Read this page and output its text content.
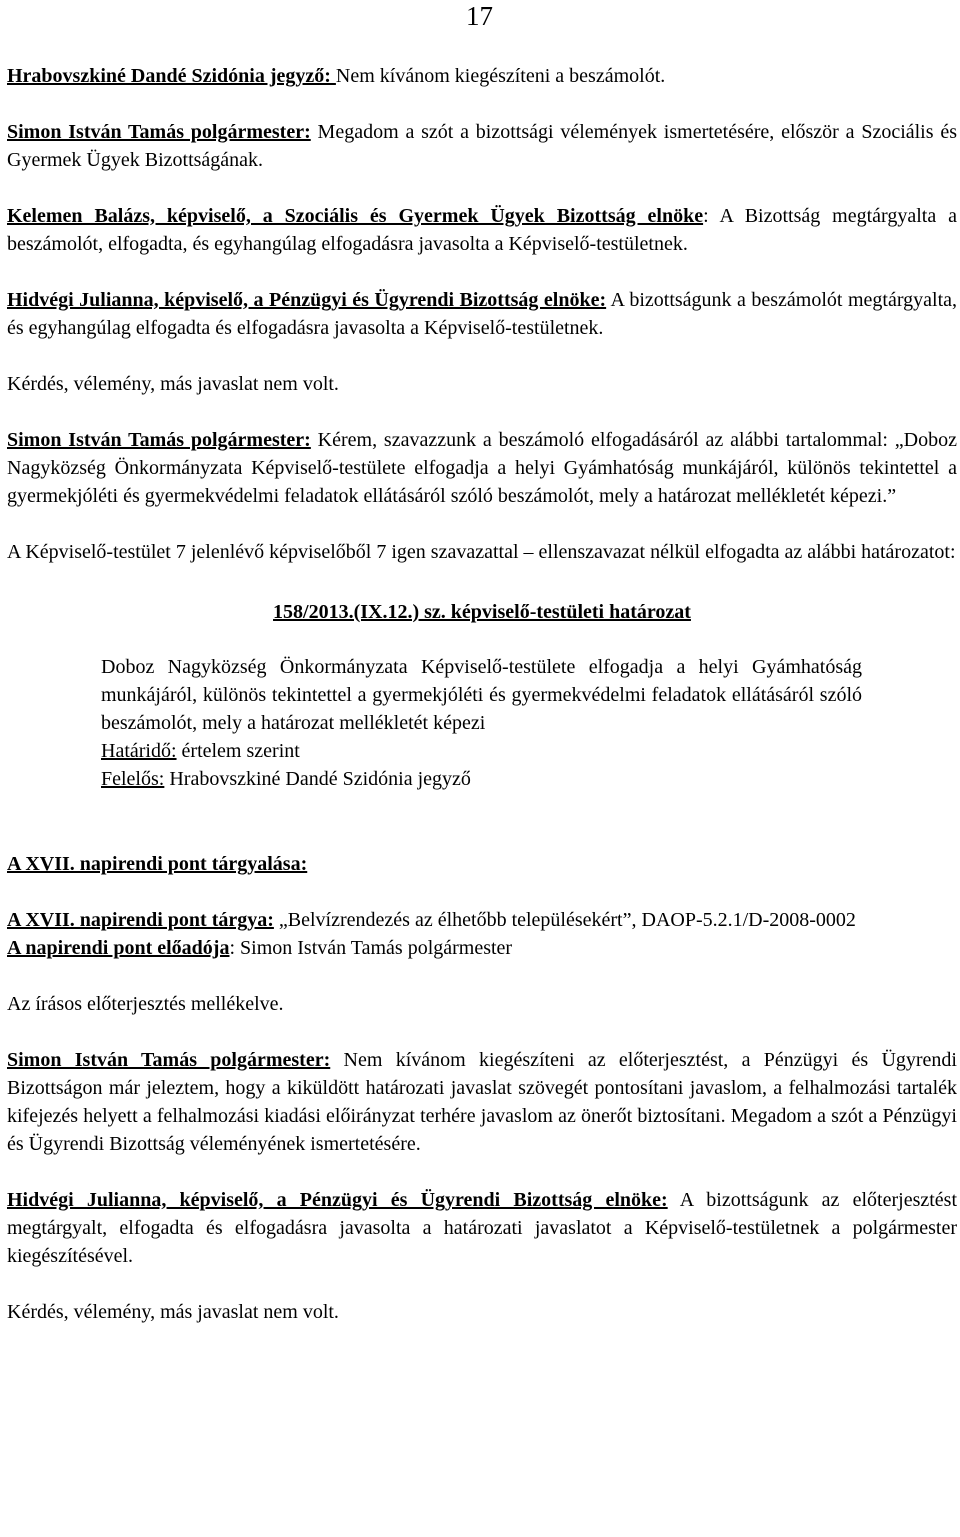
17

Hrabovszkiné Dandé Szidónia jegyző: Nem kívánom kiegészíteni a beszámolót.

Simon István Tamás polgármester: Megadom a szót a bizottsági vélemények ismertetésére, először a Szociális és Gyermek Ügyek Bizottságának.

Kelemen Balázs, képviselő, a Szociális és Gyermek Ügyek Bizottság elnöke: A Bizottság megtárgyalta a beszámolót, elfogadta, és egyhangúlag elfogadásra javasolta a Képviselő-testületnek.

Hidvégi Julianna, képviselő, a Pénzügyi és Ügyrendi Bizottság elnöke: A bizottságunk a beszámolót megtárgyalta, és egyhangúlag elfogadta és elfogadásra javasolta a Képviselő-testületnek.

Kérdés, vélemény, más javaslat nem volt.

Simon István Tamás polgármester: Kérem, szavazzunk a beszámoló elfogadásáról az alábbi tartalommal: „Doboz Nagyközség Önkormányzata Képviselő-testülete elfogadja a helyi Gyámhatóság munkájáról, különös tekintettel a gyermekjóléti és gyermekvédelmi feladatok ellátásáról szóló beszámolót, mely a határozat mellékletét képezi.”

A Képviselő-testület 7 jelenlévő képviselőből 7 igen szavazattal – ellenszavazat nélkül elfogadta az alábbi határozatot:

158/2013.(IX.12.) sz. képviselő-testületi határozat

Doboz Nagyközség Önkormányzata Képviselő-testülete elfogadja a helyi Gyámhatóság munkájáról, különös tekintettel a gyermekjóléti és gyermekvédelmi feladatok ellátásáról szóló beszámolót, mely a határozat mellékletét képezi

Határidő: értelem szerint

Felelős: Hrabovszkiné Dandé Szidónia jegyző

A XVII. napirendi pont tárgyalása:

A XVII. napirendi pont tárgya: „Belvízrendezés az élhetőbb településekért”, DAOP-5.2.1/D-2008-0002

A napirendi pont előadója: Simon István Tamás polgármester

Az írásos előterjesztés mellékelve.

Simon István Tamás polgármester: Nem kívánom kiegészíteni az előterjesztést, a Pénzügyi és Ügyrendi Bizottságon már jeleztem, hogy a kiküldött határozati javaslat szövegét pontosítani javaslom, a felhalmozási tartalék kifejezés helyett a felhalmozási kiadási előirányzat terhére javaslom az önerőt biztosítani. Megadom a szót a Pénzügyi és Ügyrendi Bizottság véleményének ismertetésére.

Hidvégi Julianna, képviselő, a Pénzügyi és Ügyrendi Bizottság elnöke: A bizottságunk az előterjesztést megtárgyalt, elfogadta és elfogadásra javasolta a határozati javaslatot a Képviselő-testületnek a polgármester kiegészítésével.

Kérdés, vélemény, más javaslat nem volt.
